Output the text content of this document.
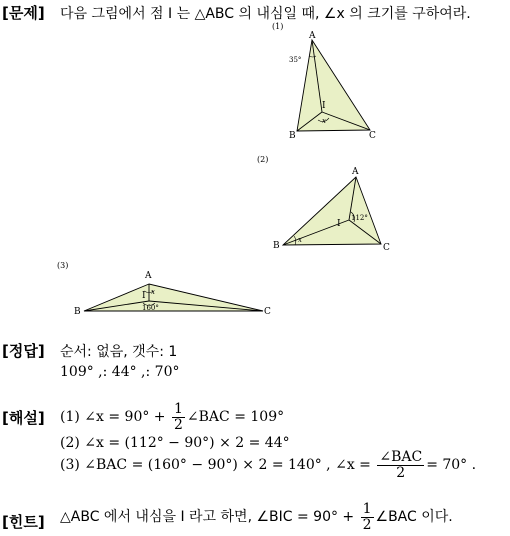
[문제] 다음 그림에서 점 I 는 △ABC 의 내심일 때, ∠x 의 크기를 구하여라.
(1)
A
B	C
I
35°
x
(2)
A
B	C
I
112°
x
(3)
A
B	C
I x
160°
[정답] 순서: 없음, 갯수: 1
109° ,: 44° ,: 70°
[해설] (1) ∠x = $90^\circ + \frac{1}{2}$ ∠BAC = 109°
(2) ∠x = (112° − 90°) × 2 = 44°
(3) ∠BAC = (160° − 90°) × 2 = 140° , ∠x = $\frac{\text{∠BAC}}{2} = 70^\circ$ .
[힌트] △ABC 에서 내심을 I 라고 하면, ∠BIC = $90^\circ + \frac{1}{2}$ ∠BAC 이다.
